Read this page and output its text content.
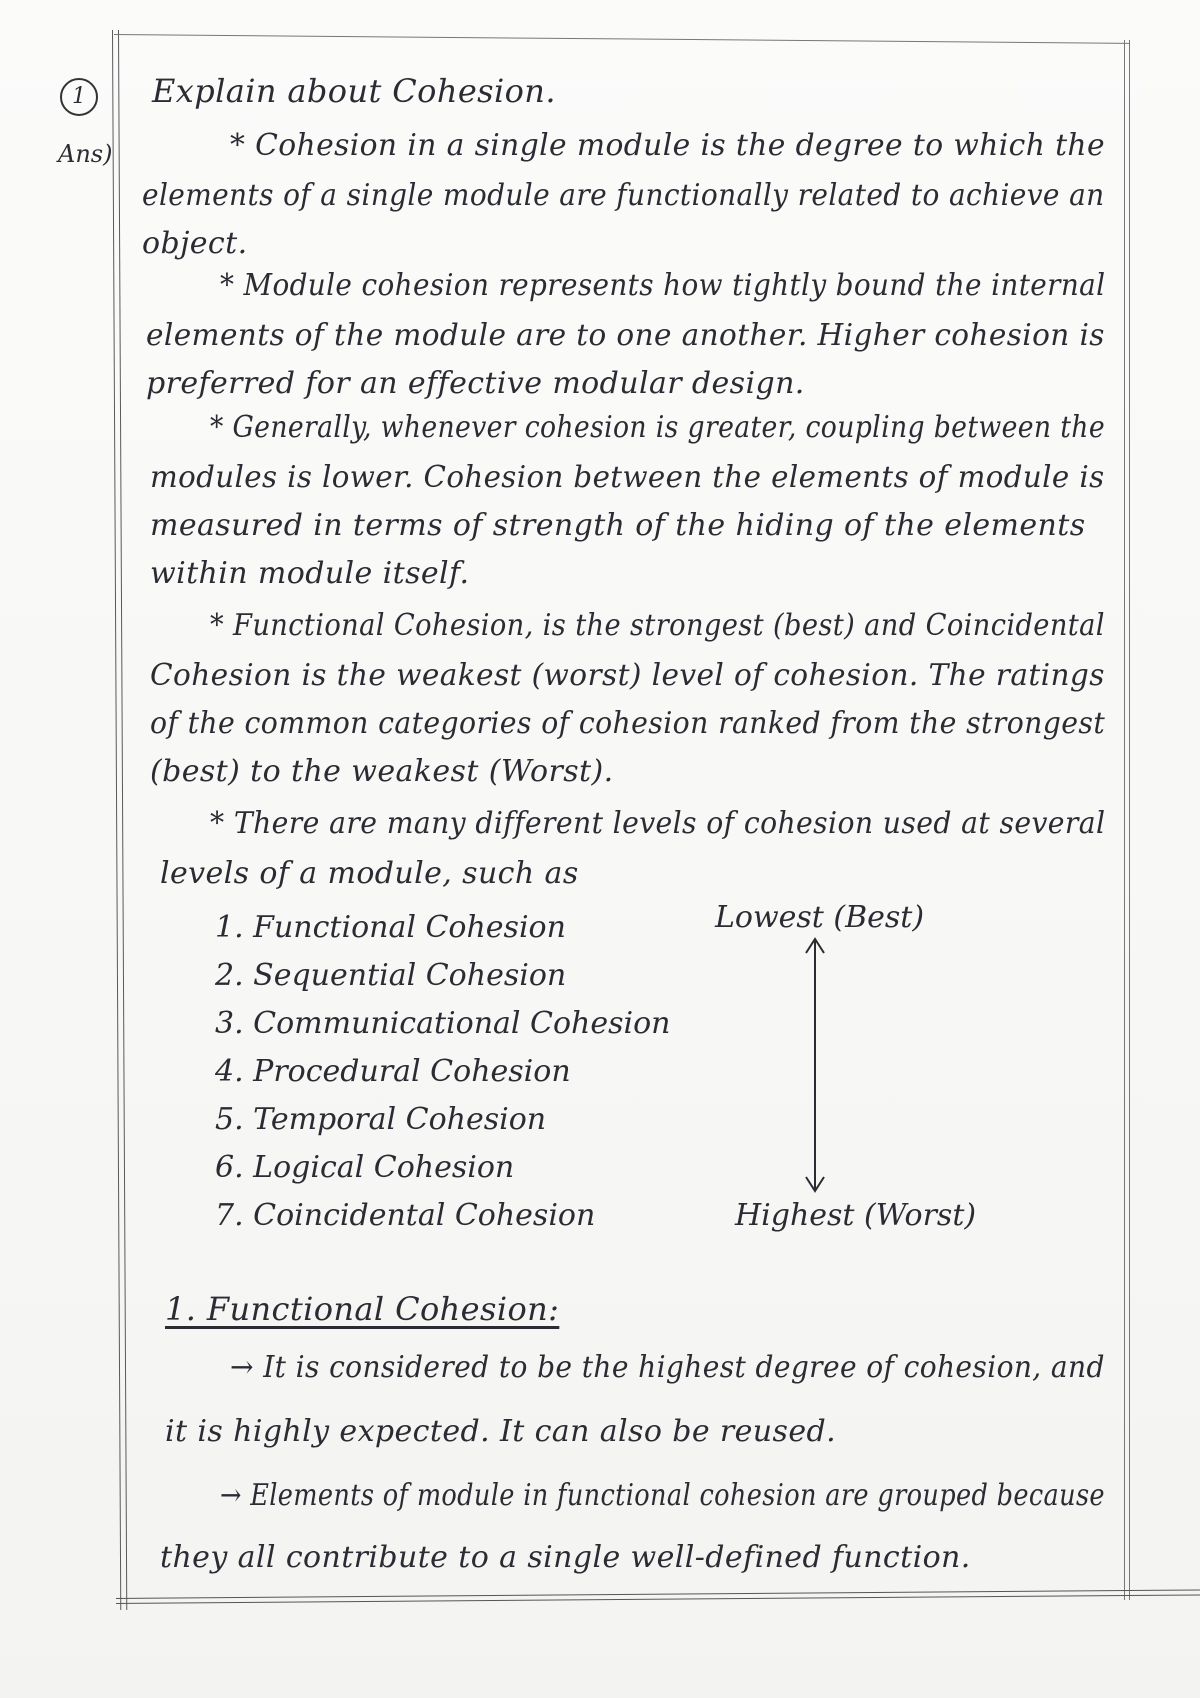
1
Ans)
Explain about Cohesion.
* Cohesion in a single module is the degree to which the
elements of a single module are functionally related to achieve an
object.
* Module cohesion represents how tightly bound the internal
elements of the module are to one another. Higher cohesion is
preferred for an effective modular design.
* Generally, whenever cohesion is greater, coupling between the
modules is lower. Cohesion between the elements of module is
measured in terms of strength of the hiding of the elements
within module itself.
* Functional Cohesion, is the strongest (best) and Coincidental
Cohesion is the weakest (worst) level of cohesion. The ratings
of the common categories of cohesion ranked from the strongest
(best) to the weakest (Worst).
* There are many different levels of cohesion used at several
levels of a module, such as
1. Functional Cohesion
2. Sequential Cohesion
3. Communicational Cohesion
4. Procedural Cohesion
5. Temporal Cohesion
6. Logical Cohesion
7. Coincidental Cohesion
Lowest (Best)
Highest (Worst)
1. Functional Cohesion:
→ It is considered to be the highest degree of cohesion, and
it is highly expected. It can also be reused.
→ Elements of module in functional cohesion are grouped because
they all contribute to a single well-defined function.
